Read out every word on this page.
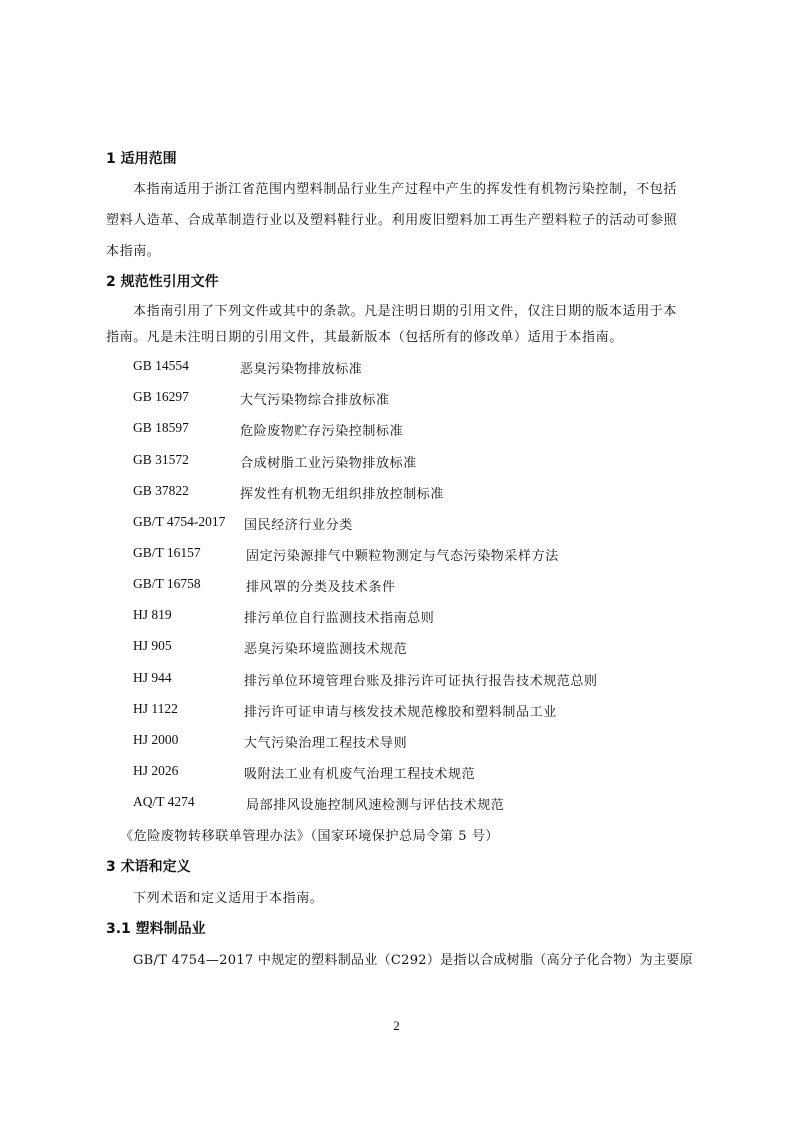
1 适用范围
本指南适用于浙江省范围内塑料制品行业生产过程中产生的挥发性有机物污染控制，不包括
塑料人造革、合成革制造行业以及塑料鞋行业。利用废旧塑料加工再生产塑料粒子的活动可参照
本指南。
2 规范性引用文件
本指南引用了下列文件或其中的条款。凡是注明日期的引用文件，仅注日期的版本适用于本
指南。凡是未注明日期的引用文件，其最新版本（包括所有的修改单）适用于本指南。
GB 14554	恶臭污染物排放标准
GB 16297	大气污染物综合排放标准
GB 18597	危险废物贮存污染控制标准
GB 31572	合成树脂工业污染物排放标准
GB 37822	挥发性有机物无组织排放控制标准
GB/T 4754-2017 国民经济行业分类
GB/T 16157	固定污染源排气中颗粒物测定与气态污染物采样方法
GB/T 16758	排风罩的分类及技术条件
HJ 819	排污单位自行监测技术指南总则
HJ 905	恶臭污染环境监测技术规范
HJ 944	排污单位环境管理台账及排污许可证执行报告技术规范总则
HJ 1122	排污许可证申请与核发技术规范橡胶和塑料制品工业
HJ 2000	大气污染治理工程技术导则
HJ 2026	吸附法工业有机废气治理工程技术规范
AQ/T 4274	局部排风设施控制风速检测与评估技术规范
《危险废物转移联单管理办法》（国家环境保护总局令第 5 号）
3 术语和定义
下列术语和定义适用于本指南。
3.1 塑料制品业
GB/T 4754—2017 中规定的塑料制品业（C292）是指以合成树脂（高分子化合物）为主要原
2
